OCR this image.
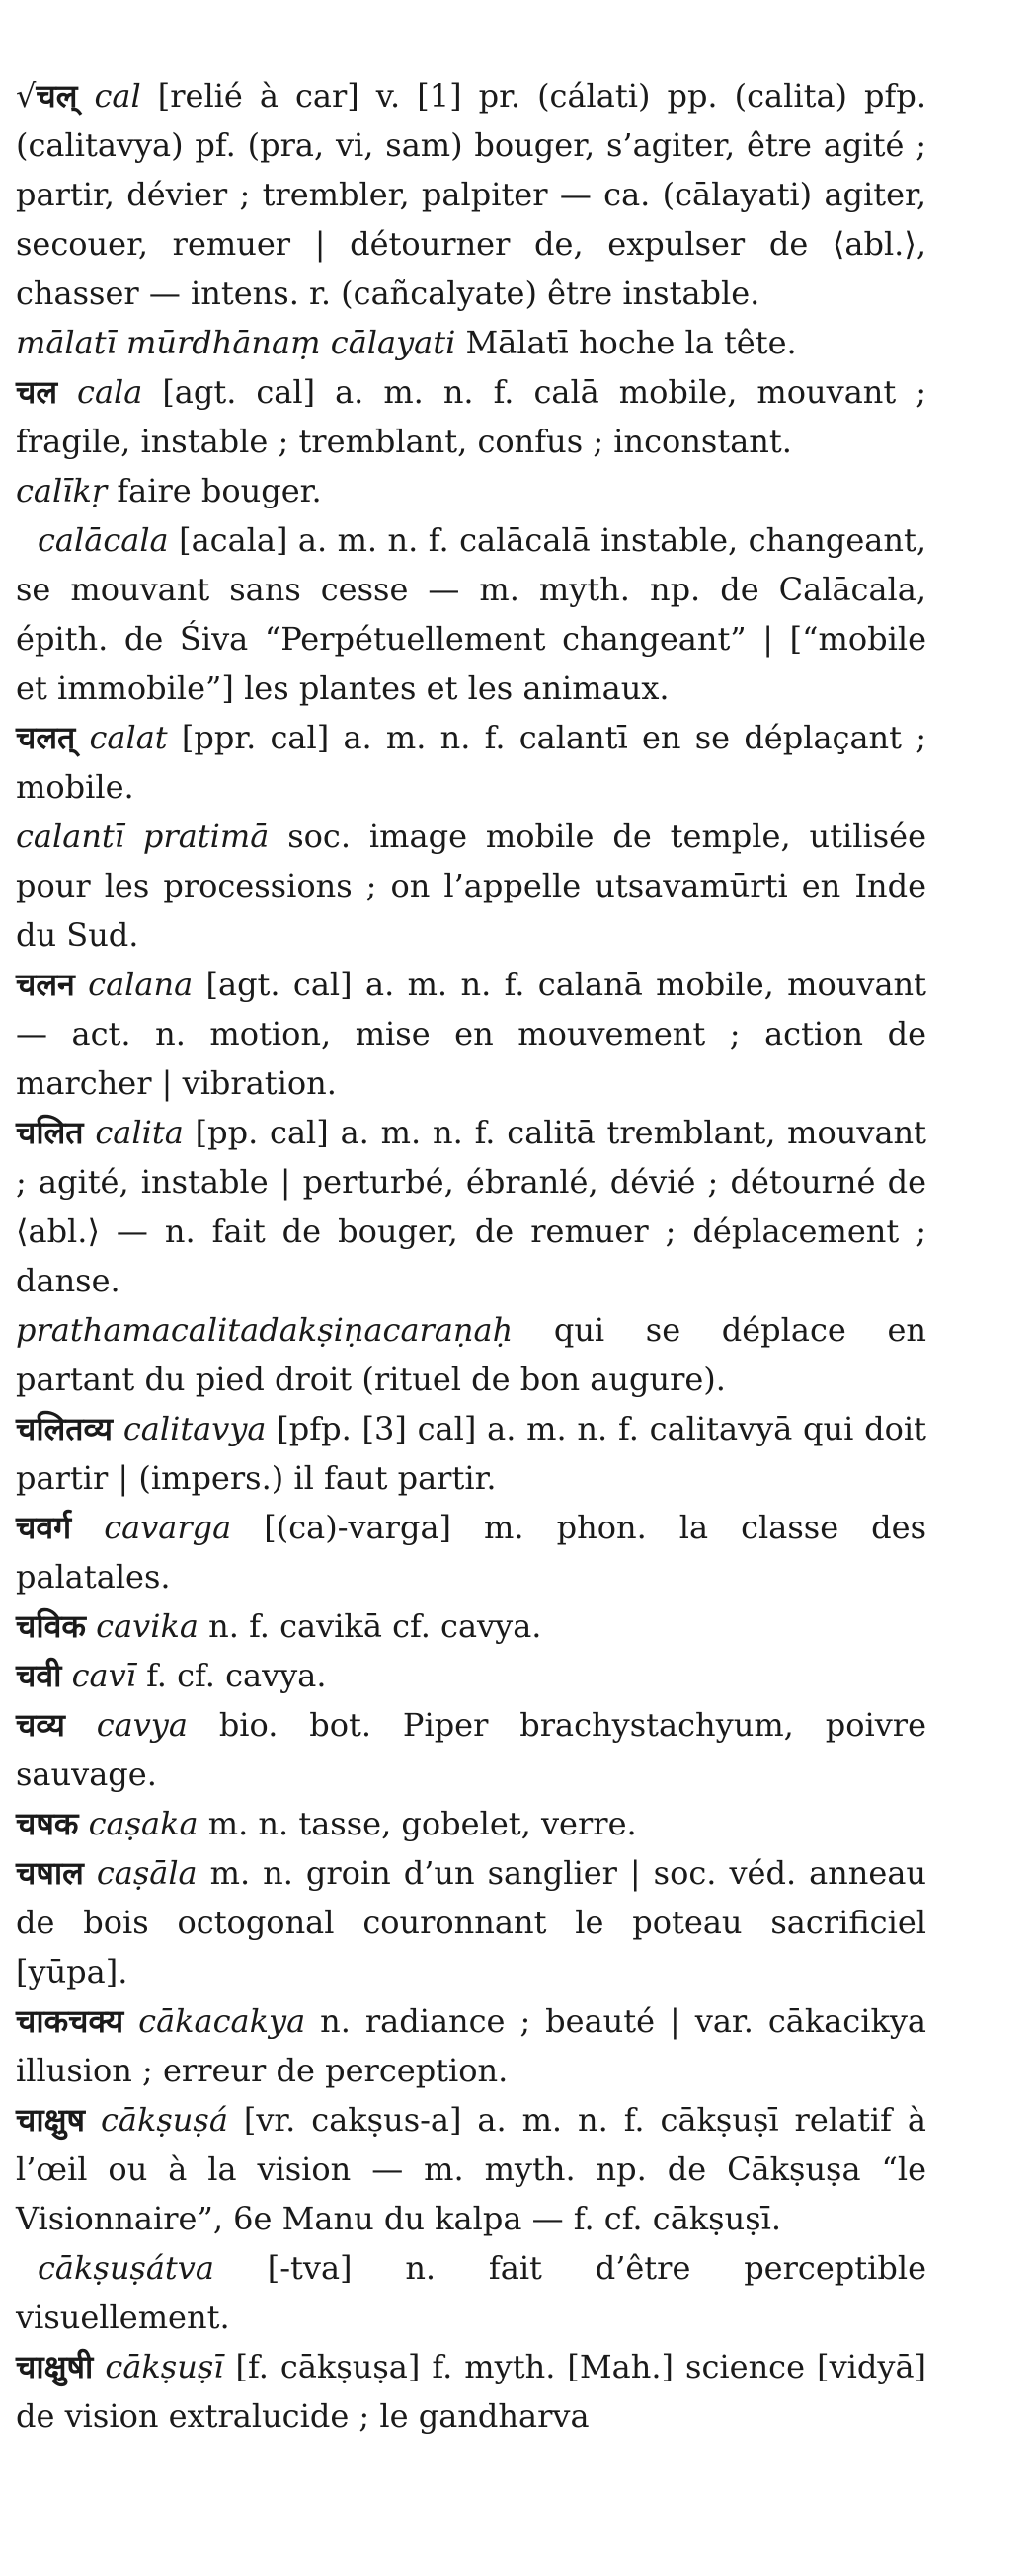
√चल् cal [relié à car] v. [1] pr. (cálati) pp. (calita) pfp. (calitavya) pf. (pra, vi, sam) bouger, s’agiter, être agité ; partir, dévier ; trembler, palpiter — ca. (cālayati) agiter, secouer, remuer | détourner de, expulser de ⟨abl.⟩, chasser — intens. r. (cañcalyate) être instable.

mālatī mūrdhānaṃ cālayati Mālatī hoche la tête.

चल cala [agt. cal] a. m. n. f. calā mobile, mouvant ; fragile, instable ; tremblant, confus ; inconstant.

calīkṛ faire bouger.

calācala [acala] a. m. n. f. calācalā instable, changeant, se mouvant sans cesse — m. myth. np. de Calācala, épith. de Śiva “Perpétuellement changeant” | [“mobile et immobile”] les plantes et les animaux.

चलत् calat [ppr. cal] a. m. n. f. calantī en se déplaçant ; mobile.

calantī pratimā soc. image mobile de temple, utilisée pour les processions ; on l’appelle utsavamūrti en Inde du Sud.

चलन calana [agt. cal] a. m. n. f. calanā mobile, mouvant — act. n. motion, mise en mouvement ; action de marcher | vibration.

चलित calita [pp. cal] a. m. n. f. calitā tremblant, mouvant ; agité, instable | perturbé, ébranlé, dévié ; détourné de ⟨abl.⟩ — n. fait de bouger, de remuer ; déplacement ; danse.

prathamacalitadakṣiṇacaraṇaḥ qui se déplace en partant du pied droit (rituel de bon augure).

चलितव्य calitavya [pfp. [3] cal] a. m. n. f. calitavyā qui doit partir | (impers.) il faut partir.

चवर्ग cavarga [(ca)-varga] m. phon. la classe des palatales.

चविक cavika n. f. cavikā cf. cavya.

चवी cavī f. cf. cavya.

चव्य cavya bio. bot. Piper brachystachyum, poivre sauvage.

चषक caṣaka m. n. tasse, gobelet, verre.

चषाल caṣāla m. n. groin d’un sanglier | soc. véd. anneau de bois octogonal couronnant le poteau sacrificiel [yūpa].

चाकचक्य cākacakya n. radiance ; beauté | var. cākacikya illusion ; erreur de perception.

चाक्षुष cākṣuṣá [vr. cakṣus-a] a. m. n. f. cākṣuṣī relatif à l’œil ou à la vision — m. myth. np. de Cākṣuṣa “le Visionnaire”, 6e Manu du kalpa — f. cf. cākṣuṣī.

cākṣuṣátva [-tva] n. fait d’être perceptible visuellement.

चाक्षुषी cākṣuṣī [f. cākṣuṣa] f. myth. [Mah.] science [vidyā] de vision extralucide ; le gandharva
